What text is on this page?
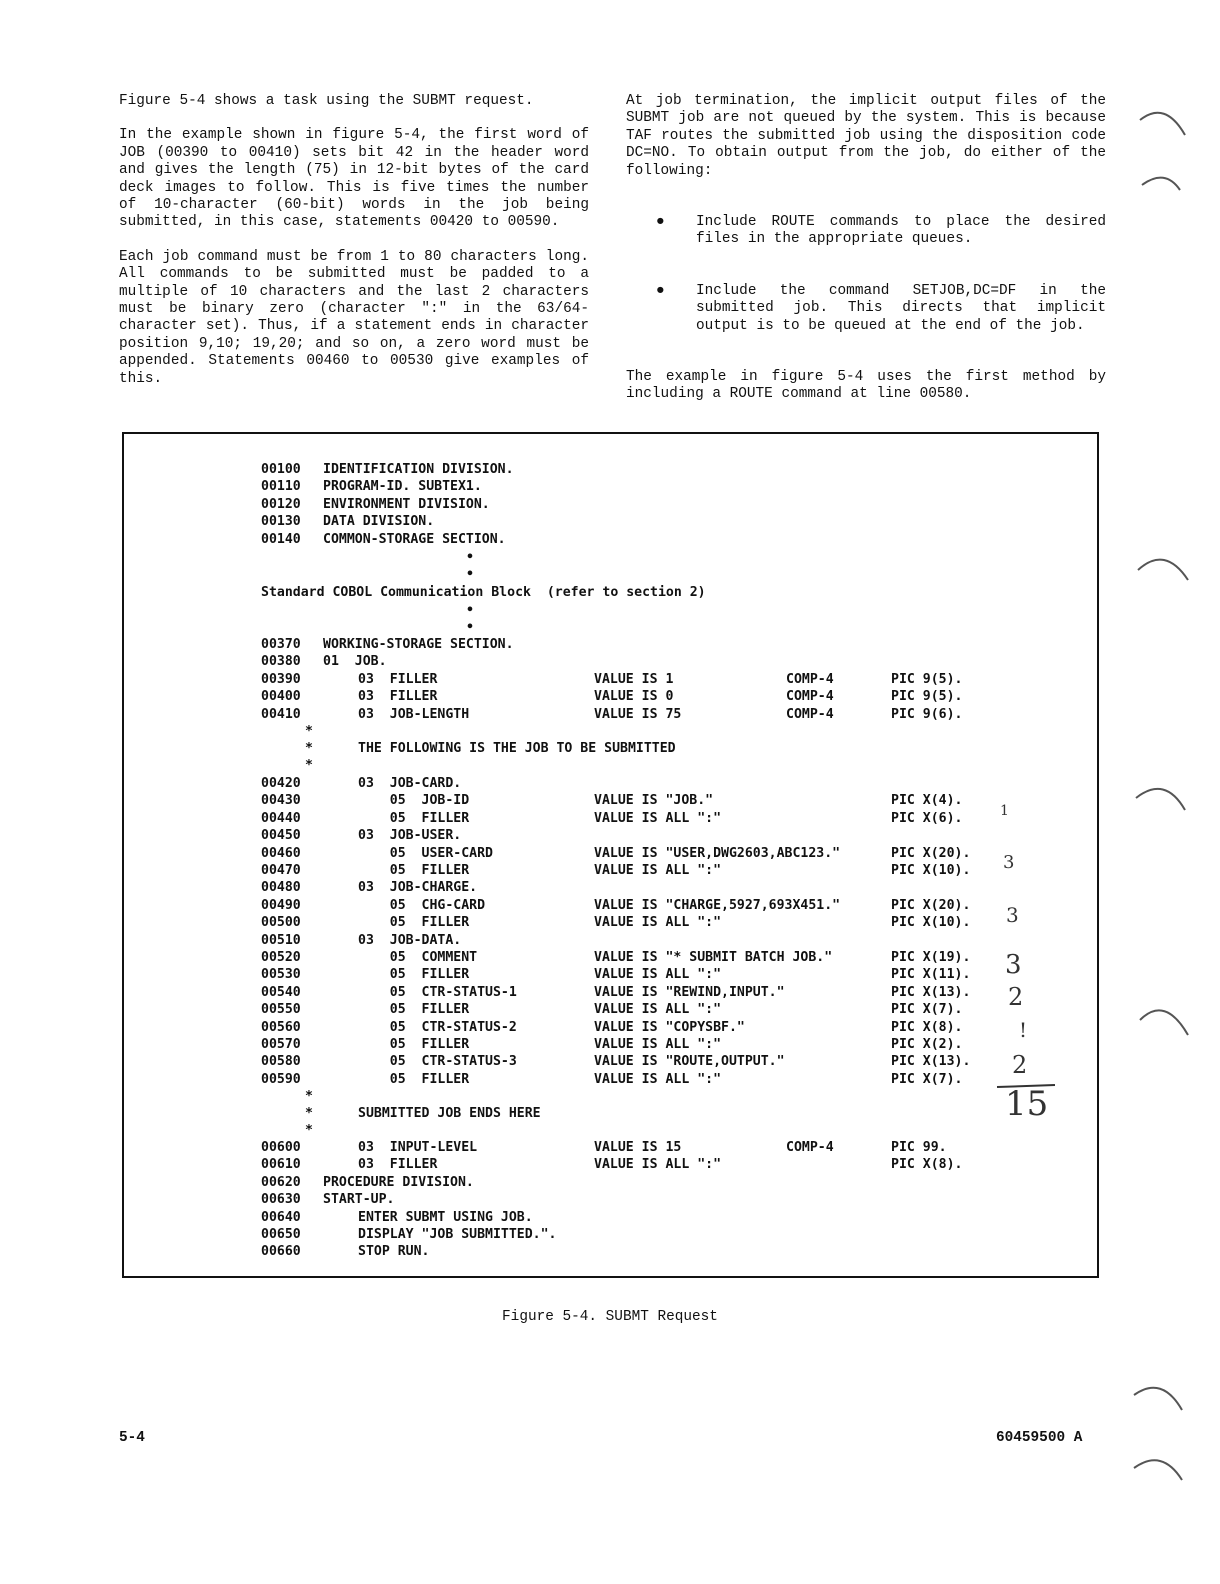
Figure 5-4 shows a task using the SUBMT request.

In the example shown in figure 5-4, the first word of JOB (00390 to 00410) sets bit 42 in the header word and gives the length (75) in 12-bit bytes of the card deck images to follow. This is five times the number of 10-character (60-bit) words in the job being submitted, in this case, statements 00420 to 00590.

Each job command must be from 1 to 80 characters long. All commands to be submitted must be padded to a multiple of 10 characters and the last 2 characters must be binary zero (character ":" in the 63/64-character set). Thus, if a statement ends in character position 9,10; 19,20; and so on, a zero word must be appended. Statements 00460 to 00530 give examples of this.

At job termination, the implicit output files of the SUBMT job are not queued by the system. This is because TAF routes the submitted job using the disposition code DC=NO. To obtain output from the job, do either of the following:

● Include ROUTE commands to place the desired files in the appropriate queues.
● Include the command SETJOB,DC=DF in the submitted job. This directs that implicit output is to be queued at the end of the job.

The example in figure 5-4 uses the first method by including a ROUTE command at line 00580.

00100 IDENTIFICATION DIVISION.
00110 PROGRAM-ID. SUBTEX1.
00120 ENVIRONMENT DIVISION.
00130 DATA DIVISION.
00140 COMMON-STORAGE SECTION.
•
•
Standard COBOL Communication Block  (refer to section 2)
•
•
00370 WORKING-STORAGE SECTION.
00380 01  JOB.
00390	03  FILLER	VALUE IS 1	COMP-4	PIC 9(5).
00400	03  FILLER	VALUE IS 0	COMP-4	PIC 9(5).
00410	03  JOB-LENGTH	VALUE IS 75	COMP-4	PIC 9(6).
*
*	THE FOLLOWING IS THE JOB TO BE SUBMITTED
*
00420	03  JOB-CARD.
00430	05  JOB-ID	VALUE IS "JOB."	PIC X(4).
00440	05  FILLER	VALUE IS ALL ":"	PIC X(6).
00450	03  JOB-USER.
00460	05  USER-CARD	VALUE IS "USER,DWG2603,ABC123."	PIC X(20).
00470	05  FILLER	VALUE IS ALL ":"	PIC X(10).
00480	03  JOB-CHARGE.
00490	05  CHG-CARD	VALUE IS "CHARGE,5927,693X451."	PIC X(20).
00500	05  FILLER	VALUE IS ALL ":"	PIC X(10).
00510	03  JOB-DATA.
00520	05  COMMENT	VALUE IS "* SUBMIT BATCH JOB."	PIC X(19).
00530	05  FILLER	VALUE IS ALL ":"	PIC X(11).
00540	05  CTR-STATUS-1	VALUE IS "REWIND,INPUT."	PIC X(13).
00550	05  FILLER	VALUE IS ALL ":"	PIC X(7).
00560	05  CTR-STATUS-2	VALUE IS "COPYSBF."	PIC X(8).
00570	05  FILLER	VALUE IS ALL ":"	PIC X(2).
00580	05  CTR-STATUS-3	VALUE IS "ROUTE,OUTPUT."	PIC X(13).
00590	05  FILLER	VALUE IS ALL ":"	PIC X(7).
*
*	SUBMITTED JOB ENDS HERE
*
00600	03  INPUT-LEVEL	VALUE IS 15	COMP-4	PIC 99.
00610	03  FILLER	VALUE IS ALL ":"	PIC X(8).
00620 PROCEDURE DIVISION.
00630 START-UP.
00640	ENTER SUBMT USING JOB.
00650	DISPLAY "JOB SUBMITTED.".
00660	STOP RUN.
1
3
3
3
2
!
2
15
Figure 5-4. SUBMT Request
5-4	60459500 A
